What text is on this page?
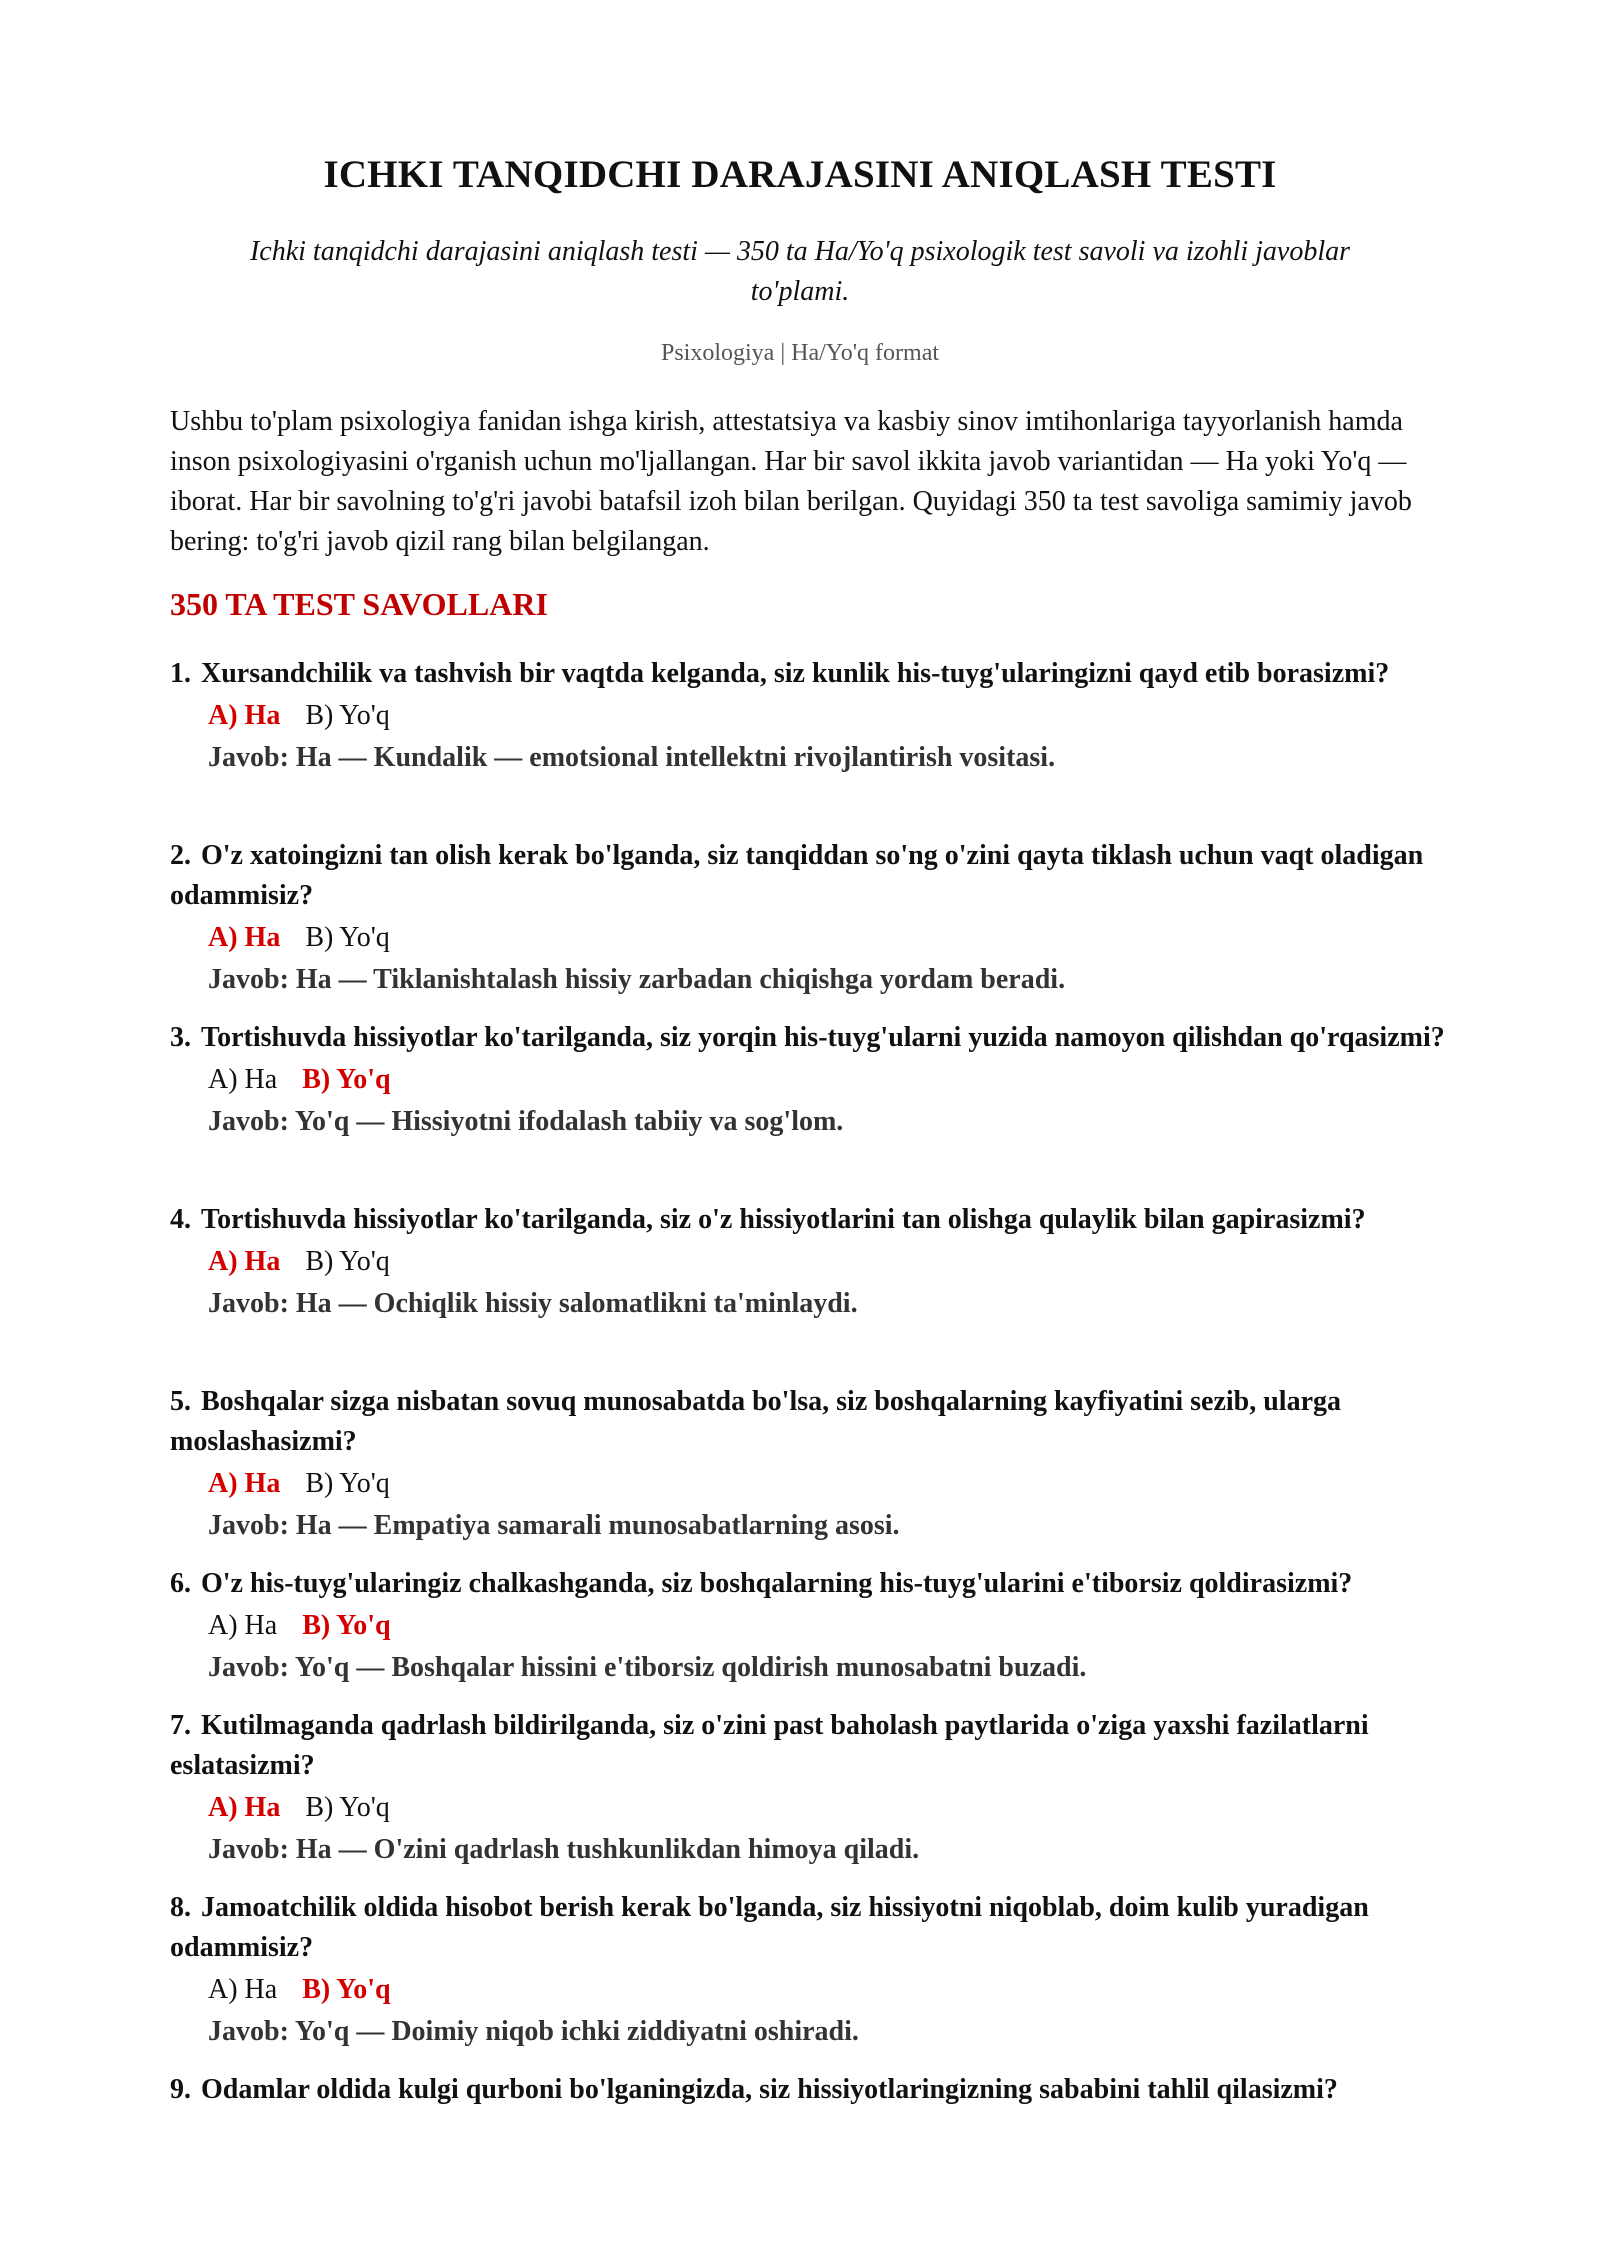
ICHKI TANQIDCHI DARAJASINI ANIQLASH TESTI
Ichki tanqidchi darajasini aniqlash testi — 350 ta Ha/Yo'q psixologik test savoli va izohli javoblar to'plami.
Psixologiya | Ha/Yo'q format
Ushbu to'plam psixologiya fanidan ishga kirish, attestatsiya va kasbiy sinov imtihonlariga tayyorlanish hamda inson psixologiyasini o'rganish uchun mo'ljallangan. Har bir savol ikkita javob variantidan — Ha yoki Yo'q — iborat. Har bir savolning to'g'ri javobi batafsil izoh bilan berilgan. Quyidagi 350 ta test savoliga samimiy javob bering: to'g'ri javob qizil rang bilan belgilangan.
350 TA TEST SAVOLLARI
1. Xursandchilik va tashvish bir vaqtda kelganda, siz kunlik his-tuyg'ularingizni qayd etib borasizmi?
A) Ha B) Yo'q
Javob: Ha — Kundalik — emotsional intellektni rivojlantirish vositasi.
2. O'z xatoingizni tan olish kerak bo'lganda, siz tanqiddan so'ng o'zini qayta tiklash uchun vaqt oladigan odammisiz?
A) Ha B) Yo'q
Javob: Ha — Tiklanishtalash hissiy zarbadan chiqishga yordam beradi.
3. Tortishuvda hissiyotlar ko'tarilganda, siz yorqin his-tuyg'ularni yuzida namoyon qilishdan qo'rqasizmi?
A) Ha B) Yo'q
Javob: Yo'q — Hissiyotni ifodalash tabiiy va sog'lom.
4. Tortishuvda hissiyotlar ko'tarilganda, siz o'z hissiyotlarini tan olishga qulaylik bilan gapirasizmi?
A) Ha B) Yo'q
Javob: Ha — Ochiqlik hissiy salomatlikni ta'minlaydi.
5. Boshqalar sizga nisbatan sovuq munosabatda bo'lsa, siz boshqalarning kayfiyatini sezib, ularga moslashasizmi?
A) Ha B) Yo'q
Javob: Ha — Empatiya samarali munosabatlarning asosi.
6. O'z his-tuyg'ularingiz chalkashganda, siz boshqalarning his-tuyg'ularini e'tiborsiz qoldirasizmi?
A) Ha B) Yo'q
Javob: Yo'q — Boshqalar hissini e'tiborsiz qoldirish munosabatni buzadi.
7. Kutilmaganda qadrlash bildirilganda, siz o'zini past baholash paytlarida o'ziga yaxshi fazilatlarni eslatasizmi?
A) Ha B) Yo'q
Javob: Ha — O'zini qadrlash tushkunlikdan himoya qiladi.
8. Jamoatchilik oldida hisobot berish kerak bo'lganda, siz hissiyotni niqoblab, doim kulib yuradigan odammisiz?
A) Ha B) Yo'q
Javob: Yo'q — Doimiy niqob ichki ziddiyatni oshiradi.
9. Odamlar oldida kulgi qurboni bo'lganingizda, siz hissiyotlaringizning sababini tahlil qilasizmi?
